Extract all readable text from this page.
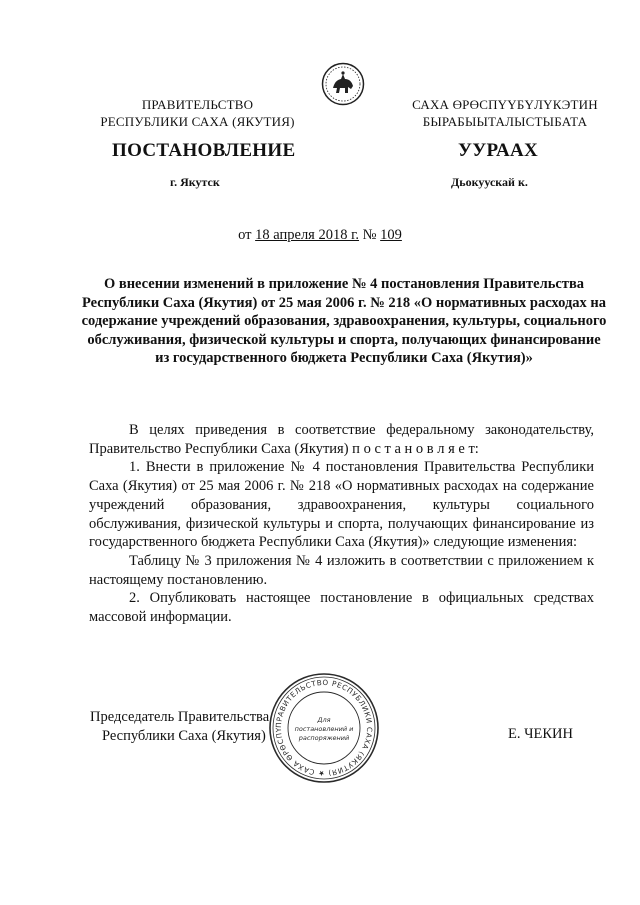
ПРАВИТЕЛЬСТВО
РЕСПУБЛИКИ САХА (ЯКУТИЯ)
САХА ӨРӨСПҮҮБҮЛҮКЭТИН
БЫРАБЫЫТАЛЫСТЫБАТА
ПОСТАНОВЛЕНИЕ	УУРААХ
г. Якутск	Дьокуускай к.
от 18 апреля 2018 г. № 109
О внесении изменений в приложение № 4 постановления Правительства Республики Саха (Якутия) от 25 мая 2006 г. № 218 «О нормативных расходах на содержание учреждений образования, здравоохранения, культуры, социального обслуживания, физической культуры и спорта, получающих финансирование из государственного бюджета Республики Саха (Якутия)»

В целях приведения в соответствие федеральному законодательству, Правительство Республики Саха (Якутия) п о с т а н о в л я е т:

1. Внести в приложение № 4 постановления Правительства Республики Саха (Якутия) от 25 мая 2006 г. № 218 «О нормативных расходах на содержание учреждений образования, здравоохранения, культуры социального обслуживания, физической культуры и спорта, получающих финансирование из государственного бюджета Республики Саха (Якутия)» следующие изменения:

Таблицу № 3 приложения № 4 изложить в соответствии с приложением к настоящему постановлению.

2. Опубликовать настоящее постановление в официальных средствах массовой информации.

Председатель Правительства
Республики Саха (Якутия)	Е. ЧЕКИН
ПРАВИТЕЛЬСТВО РЕСПУБЛИКИ САХА (ЯКУТИЯ) ★ САХА ӨРӨСПҮ
Для
постановлений и
распоряжений
